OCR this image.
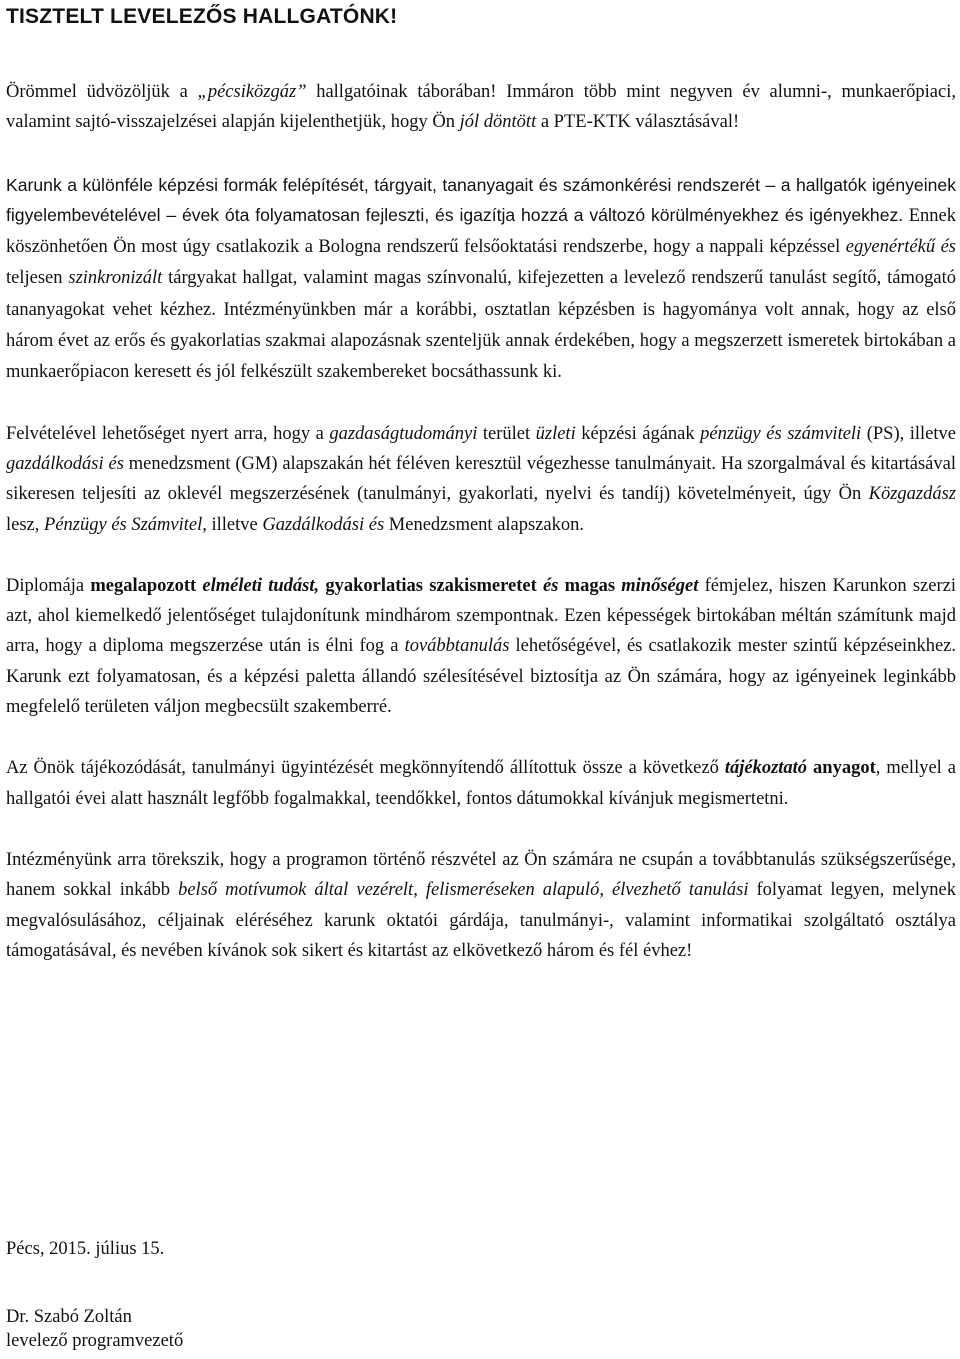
TISZTELT LEVELEZŐS HALLGATÓNK!

Örömmel üdvözöljük a „pécsiközgáz” hallgatóinak táborában! Immáron több mint negyven év alumni-, munkaerőpiaci, valamint sajtó-visszajelzései alapján kijelenthetjük, hogy Ön jól döntött a PTE-KTK választásával!

Karunk a különféle képzési formák felépítését, tárgyait, tananyagait és számonkérési rendszerét – a hallgatók igényeinek figyelembevételével – évek óta folyamatosan fejleszti, és igazítja hozzá a változó körülményekhez és igényekhez. Ennek köszönhetően Ön most úgy csatlakozik a Bologna rendszerű felsőoktatási rendszerbe, hogy a nappali képzéssel egyenértékű és teljesen szinkronizált tárgyakat hallgat, valamint magas színvonalú, kifejezetten a levelező rendszerű tanulást segítő, támogató tananyagokat vehet kézhez. Intézményünkben már a korábbi, osztatlan képzésben is hagyománya volt annak, hogy az első három évet az erős és gyakorlatias szakmai alapozásnak szenteljük annak érdekében, hogy a megszerzett ismeretek birtokában a munkaerőpiacon keresett és jól felkészült szakembereket bocsáthassunk ki.

Felvételével lehetőséget nyert arra, hogy a gazdaságtudományi terület üzleti képzési ágának pénzügy és számviteli (PS), illetve gazdálkodási és menedzsment (GM) alapszakán hét féléven keresztül végezhesse tanulmányait. Ha szorgalmával és kitartásával sikeresen teljesíti az oklevél megszerzésének (tanulmányi, gyakorlati, nyelvi és tandíj) követelményeit, úgy Ön Közgazdász lesz, Pénzügy és Számvitel, illetve Gazdálkodási és Menedzsment alapszakon.

Diplomája megalapozott elméleti tudást, gyakorlatias szakismeretet és magas minőséget fémjelez, hiszen Karunkon szerzi azt, ahol kiemelkedő jelentőséget tulajdonítunk mindhárom szempontnak. Ezen képességek birtokában méltán számítunk majd arra, hogy a diploma megszerzése után is élni fog a továbbtanulás lehetőségével, és csatlakozik mester szintű képzéseinkhez. Karunk ezt folyamatosan, és a képzési paletta állandó szélesítésével biztosítja az Ön számára, hogy az igényeinek leginkább megfelelő területen váljon megbecsült szakemberré.

Az Önök tájékozódását, tanulmányi ügyintézését megkönnyítendő állítottuk össze a következő tájékoztató anyagot, mellyel a hallgatói évei alatt használt legfőbb fogalmakkal, teendőkkel, fontos dátumokkal kívánjuk megismertetni.

Intézményünk arra törekszik, hogy a programon történő részvétel az Ön számára ne csupán a továbbtanulás szükségszerűsége, hanem sokkal inkább belső motívumok által vezérelt, felismeréseken alapuló, élvezhető tanulási folyamat legyen, melynek megvalósulásához, céljainak eléréséhez karunk oktatói gárdája, tanulmányi-, valamint informatikai szolgáltató osztálya támogatásával, és nevében kívánok sok sikert és kitartást az elkövetkező három és fél évhez!

Pécs, 2015. július 15.
Dr. Szabó Zoltán
levelező programvezető
